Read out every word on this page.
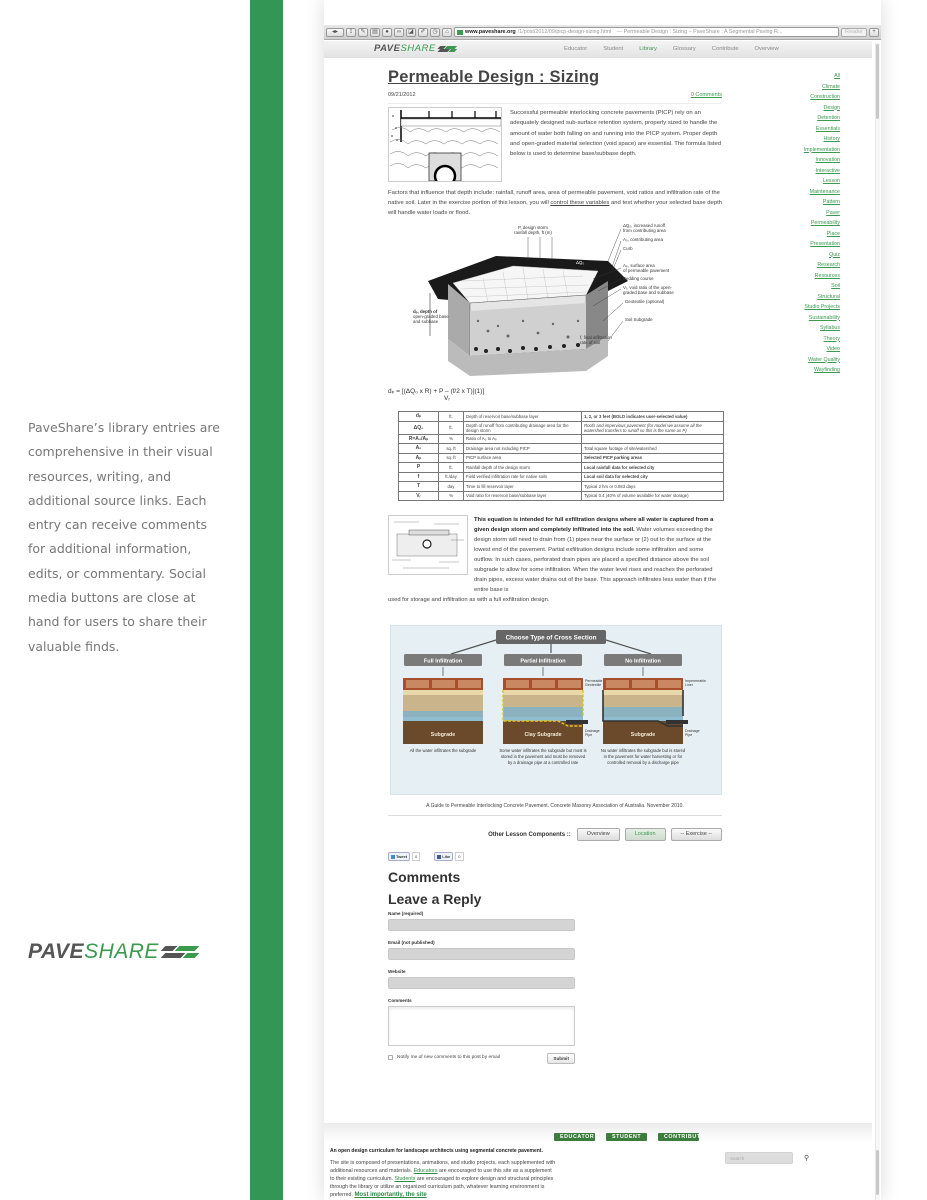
PaveShare’s library entries are comprehensive in their visual resources, writing, and additional source links. Each entry can receive comments for additional information, edits, or commentary. Social media buttons are close at hand for users to share their valuable finds.
PAVE SHARE
◂▸	⇪	✎	▤	●	∞	◪	✐	◷	⌂	www.paveshare.org /1/post/2012/09/picp-design-sizing.html
— Permeable Design : Sizing – PaveShare : A Segmental Paving R...	Reader	+
PAVE SHARE	Educator	Student	Library	Glossary	Contribute	Overview
Permeable Design : Sizing
09/21/2012	0 Comments
Successful permeable interlocking concrete pavements (PICP) rely on an adequately designed sub-surface retention system, properly sized to handle the amount of water both falling on and running into the PICP system. Proper depth and open-graded material selection (void space) are essential. The formula listed below is used to determine base/subbase depth.

Factors that influence that depth include: rainfall, runoff area, area of permeable pavement, void ratios and infiltration rate of the native soil. Later in the exercise portion of this lesson, you will control these variables and test whether your selected base depth will handle water loads or flood.

dₚ, depth of
open-graded base
and subbase
P, design storm
rainfall depth, ft (m)
ΔQ₀, increased runoff
from contributing area
A₀, contributing area
Curb
ΔQ₀
Aₚ, surface area
of permeable pavement
Bedding course
Vᵣ, void ratio of the open-
graded base and subbase
Geotextile (optional)
Soil Subgrade
f, final infiltration
rate of soil
dₚ = [(ΔQ₀ x R) + P – (f/2 x T)](1)]
Vᵣ
dₚ	ft.	Depth of reservoir base/subbase layer	1, 2, or 3 feet (BOLD indicates user-selected value)
ΔQ₀	ft.	Depth of runoff from contributing drainage area for the design storm	Roofs and impervious pavement (for model we assume all the watershed transfers to runoff so this is the same as P)
R=A₀/Aₚ	%	Ratio of A₀ to Aₚ	
A₀	sq. ft	Drainage area not including PICP	Total square footage of site/watershed
Aₚ	sq. ft	PICP surface area	Selected PICP parking areas
P	ft.	Rainfall depth of the design storm	Local rainfall data for selected city
f	ft./day	Field verified infiltration rate for native soils	Local soil data for selected city
T	day	Time to fill reservoir layer	Typical 2 hrs or 0.083 days
Vᵣ	%	Void ratio for reservoir base/subbase layer	Typical 0.4 (40% of volume available for water storage)
This equation is intended for full exfiltration designs where all water is captured from a given design storm and completely infiltrated into the soil. Water volumes exceeding the design storm will need to drain from (1) pipes near the surface or (2) out to the surface at the lowest end of the pavement. Partial exfiltration designs include some infiltration and some outflow. In such cases, perforated drain pipes are placed a specified distance above the soil subgrade to allow for some infiltration. When the water level rises and reaches the perforated drain pipes, excess water drains out of the base. This approach infiltrates less water than if the entire base is
used for storage and infiltration as with a full exfiltration design.
Choose Type of Cross Section
Full Infiltration
Subgrade
All the water infiltrates the subgrade
Partial Infiltration
Clay Subgrade
Permeable Geotextile
Drainage Pipe
Some water infiltrates the subgrade but most is stored in the pavement and must be removed by a drainage pipe at a controlled rate
No Infiltration
Subgrade
Impermeable Liner
Drainage Pipe
No water infiltrates the subgrade but is stored in the pavement for water harvesting or for controlled removal by a discharge pipe
A Guide to Permeable Interlocking Concrete Pavement. Concrete Masonry Association of Australia. November 2010.
Other Lesson Components ::	Overview	Location	-- Exercise --
Tweet	0	Like	0
Comments
Leave a Reply
Name (required)
Email (not published)
Website
Comments
Notify me of new comments to this post by email	Submit
All
Climate
Construction
Design
Detention
Essentials
History
Implementation
Innovation
Interactive
Lesson
Maintenance
Pattern
Paver
Permeability
Place
Presentation
Quiz
Research
Resources
Soil
Structural
Studio Projects
Sustainability
Syllabus
Theory
Video
Water Quality
Wayfinding
An open design curriculum for landscape architects using segmental concrete pavement.
The site is composed of presentations, animations, and studio projects, each supplemented with additional resources and materials. Educators are encouraged to use this site as a supplement to their existing curriculum. Students are encouraged to explore design and structural principles through the library or utilize an organized curriculum path, whatever learning environment is preferred. Most importantly, the site
EDUCATOR	STUDENT	CONTRIBUTE
Search	⚲
